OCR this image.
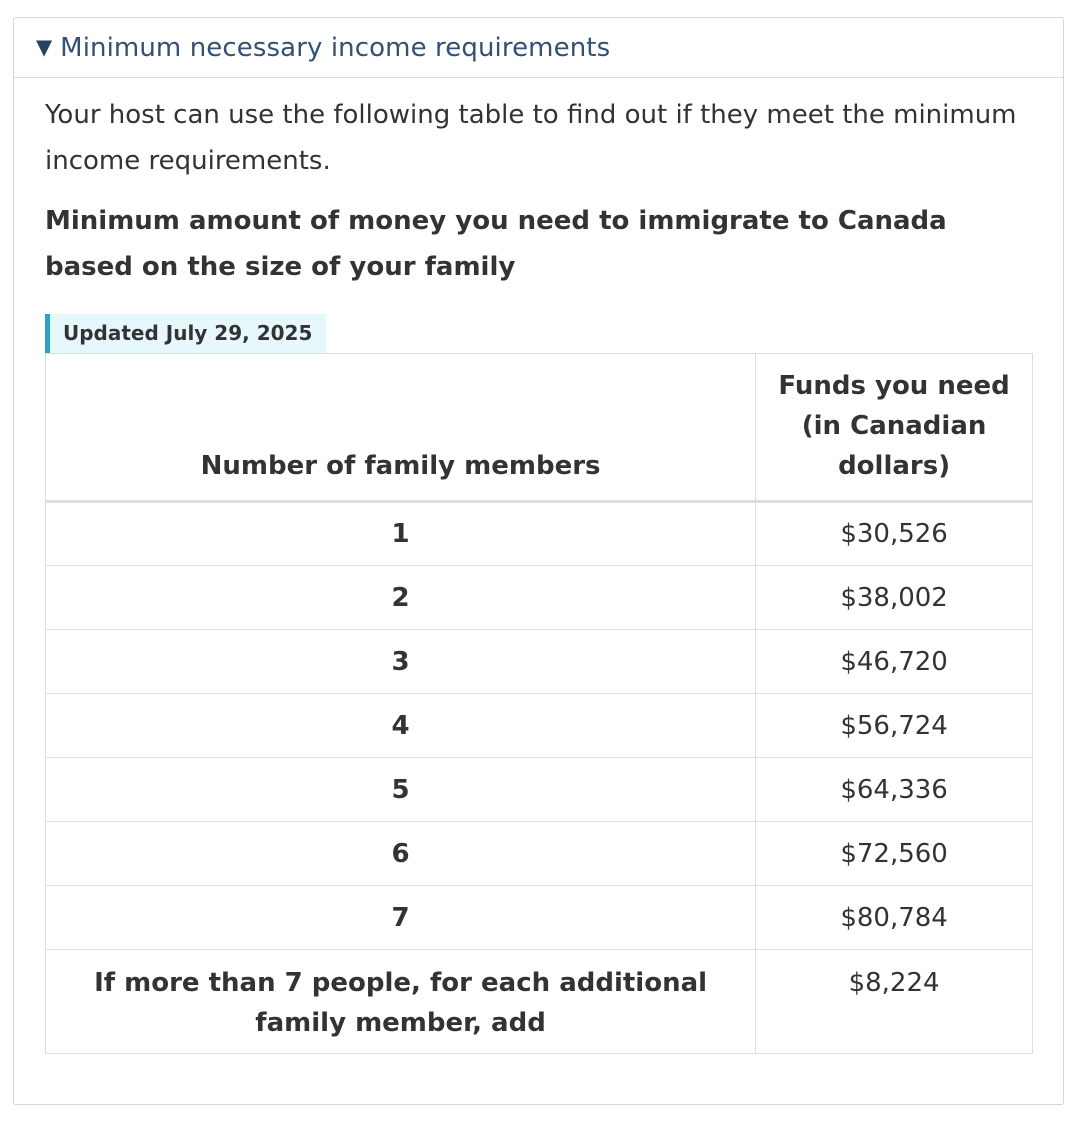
▼ Minimum necessary income requirements

Your host can use the following table to find out if they meet the minimum income requirements.

Minimum amount of money you need to immigrate to Canada based on the size of your family

Updated July 29, 2025
Number of family members	Funds you need (in Canadian dollars)
1	$30,526
2	$38,002
3	$46,720
4	$56,724
5	$64,336
6	$72,560
7	$80,784
If more than 7 people, for each additional family member, add	$8,224
